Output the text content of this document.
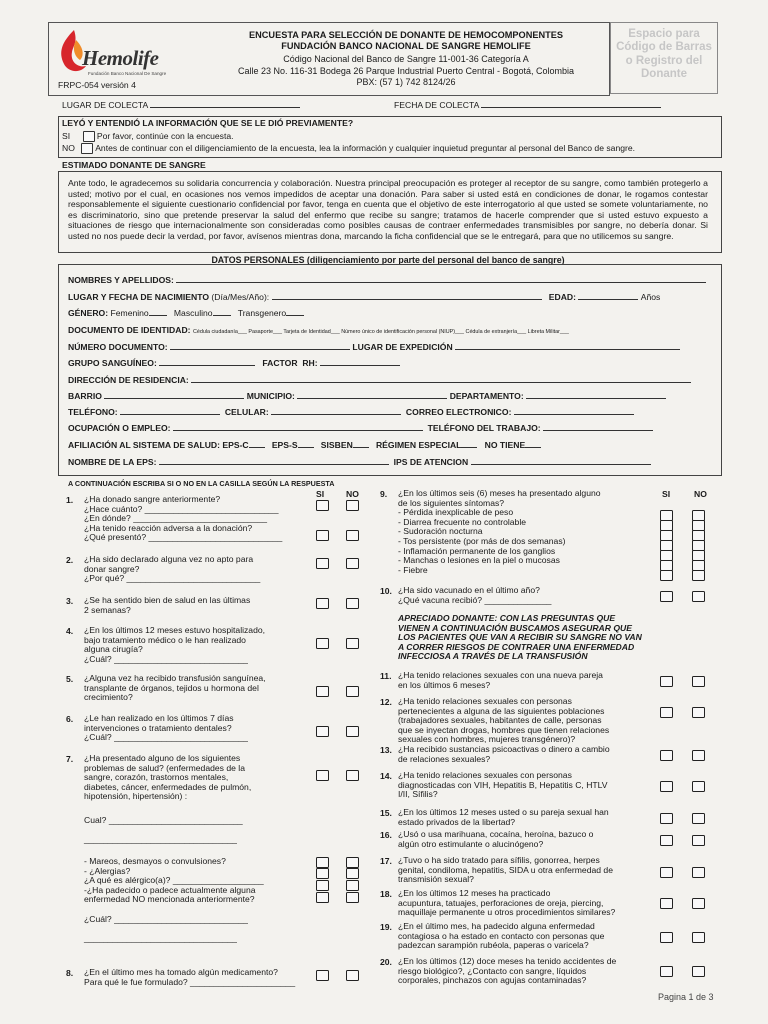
Hemolife
Fundación Banco Nacional De Sangre
ENCUESTA PARA SELECCIÓN DE DONANTE DE HEMOCOMPONENTES
FUNDACIÓN BANCO NACIONAL DE SANGRE HEMOLIFE
Código Nacional del Banco de Sangre 11-001-36 Categoría A
Calle 23 No. 116-31 Bodega 26 Parque Industrial Puerto Central - Bogotá, Colombia
PBX: (57 1) 742 8124/26
Espacio para Código de Barras o Registro del Donante
FRPC-054 versión 4
LUGAR DE COLECTA	FECHA DE COLECTA
LEYÓ Y ENTENDIÓ LA INFORMACIÓN QUE SE LE DIÓ PREVIAMENTE?
SI	Por favor, continúe con la encuesta.
NO Antes de continuar con el diligenciamiento de la encuesta, lea la información y cualquier inquietud preguntar al personal del Banco de sangre.
ESTIMADO DONANTE DE SANGRE
Ante todo, le agradecemos su solidaria concurrencia y colaboración. Nuestra principal preocupación es proteger al receptor de su sangre, como también protegerlo a usted; motivo por el cual, en ocasiones nos vemos impedidos de aceptar una donación. Para saber si usted está en condiciones de donar, le rogamos contestar responsablemente el siguiente cuestionario confidencial por favor, tenga en cuenta que el objetivo de este interrogatorio al que usted se somete voluntariamente, no es discriminatorio, sino que pretende preservar la salud del enfermo que recibe su sangre; tratamos de hacerle comprender que si usted estuvo expuesto a situaciones de riesgo que internacionalmente son consideradas como posibles causas de contraer enfermedades transmisibles por sangre, no debería donar. Si usted no nos puede decir la verdad, por favor, avísenos mientras dona, marcando la ficha confidencial que se le entregará, para que no utilicemos su sangre.
DATOS PERSONALES (diligenciamiento por parte del personal del banco de sangre)
NOMBRES Y APELLIDOS:
LUGAR Y FECHA DE NACIMIENTO (Día/Mes/Año):	EDAD:	Años
GÉNERO: Femenino	Masculino	Transgenero
DOCUMENTO DE IDENTIDAD: Cédula ciudadanía___ Pasaporte___ Tarjeta de Identidad___ Número único de identificación personal (NIUP)___ Cédula de extranjería___ Libreta Militar___
NÚMERO DOCUMENTO:	LUGAR DE EXPEDICIÓN
GRUPO SANGUÍNEO:	FACTOR RH:
DIRECCIÓN DE RESIDENCIA:
BARRIO	MUNICIPIO:	DEPARTAMENTO:
TELÉFONO:	CELULAR:	CORREO ELECTRONICO:
OCUPACIÓN O EMPLEO:	TELÉFONO DEL TRABAJO:
AFILIACIÓN AL SISTEMA DE SALUD: EPS-C	EPS-S	SISBEN	RÉGIMEN ESPECIAL	NO TIENE
NOMBRE DE LA EPS:	IPS DE ATENCION
A CONTINUACIÓN ESCRIBA SI O NO EN LA CASILLA SEGÚN LA RESPUESTA
SI	NO	SI	NO
1. ¿Ha donado sangre anteriormente?
¿Hace cuánto? ____________________________
¿En dónde? ____________________________
¿Ha tenido reacción adversa a la donación?
¿Qué presentó? ____________________________
2. ¿Ha sido declarado alguna vez no apto para
donar sangre?
¿Por qué? ____________________________
3. ¿Se ha sentido bien de salud en las últimas
2 semanas?
4. ¿En los últimos 12 meses estuvo hospitalizado,
bajo tratamiento médico o le han realizado
alguna cirugía?
¿Cuál? ____________________________
5. ¿Alguna vez ha recibido transfusión sanguínea,
transplante de órganos, tejidos u hormona del
crecimiento?
6. ¿Le han realizado en los últimos 7 días
intervenciones o tratamiento dentales?
¿Cuál? ____________________________
7. ¿Ha presentado alguno de los siguientes
problemas de salud? (enfermedades de la
sangre, corazón, trastornos mentales,
diabetes, cáncer, enfermedades de pulmón,
hipotensión, hipertensión) :
Cual? ____________________________
________________________________
- Mareos, desmayos o convulsiones?
- ¿Alergias?
¿A qué es alérgico(a)? ___________________
-¿Ha padecido o padece actualmente alguna
enfermedad NO mencionada anteriormente?
¿Cuál? ____________________________
________________________________
8. ¿En el último mes ha tomado algún medicamento?
Para qué le fue formulado? ______________________
9. ¿En los últimos seis (6) meses ha presentado alguno
de los siguientes síntomas?
- Pérdida inexplicable de peso
- Diarrea frecuente no controlable
- Sudoración nocturna
- Tos persistente (por más de dos semanas)
- Inflamación permanente de los ganglios
- Manchas o lesiones en la piel o mucosas
- Fiebre
10. ¿Ha sido vacunado en el último año?
¿Qué vacuna recibió? ______________
APRECIADO DONANTE: CON LAS PREGUNTAS QUE
VIENEN A CONTINUACIÓN BUSCAMOS ASEGURAR QUE
LOS PACIENTES QUE VAN A RECIBIR SU SANGRE NO VAN
A CORRER RIESGOS DE CONTRAER UNA ENFERMEDAD
INFECCIOSA A TRAVÉS DE LA TRANSFUSIÓN
11. ¿Ha tenido relaciones sexuales con una nueva pareja
en los últimos 6 meses?
12. ¿Ha tenido relaciones sexuales con personas
pertenecientes a alguna de las siguientes poblaciones
(trabajadores sexuales, habitantes de calle, personas
que se inyectan drogas, hombres que tienen relaciones
sexuales con hombres, mujeres transgénero)?
13. ¿Ha recibido sustancias psicoactivas o dinero a cambio
de relaciones sexuales?
14. ¿Ha tenido relaciones sexuales con personas
diagnosticadas con VIH, Hepatitis B, Hepatitis C, HTLV
I/II, Sífilis?
15. ¿En los últimos 12 meses usted o su pareja sexual han
estado privados de la libertad?
16. ¿Usó o usa marihuana, cocaína, heroína, bazuco o
algún otro estimulante o alucinógeno?
17. ¿Tuvo o ha sido tratado para sífilis, gonorrea, herpes
genital, condiloma, hepatitis, SIDA u otra enfermedad de
transmisión sexual?
18. ¿En los últimos 12 meses ha practicado
acupuntura, tatuajes, perforaciones de oreja, piercing,
maquillaje permanente u otros procedimientos similares?
19. ¿En el último mes, ha padecido alguna enfermedad
contagiosa o ha estado en contacto con personas que
padezcan sarampión rubéola, paperas o varicela?
20. ¿En los últimos (12) doce meses ha tenido accidentes de
riesgo biológico?, ¿Contacto con sangre, líquidos
corporales, pinchazos con agujas contaminadas?
Pagina 1 de 3
